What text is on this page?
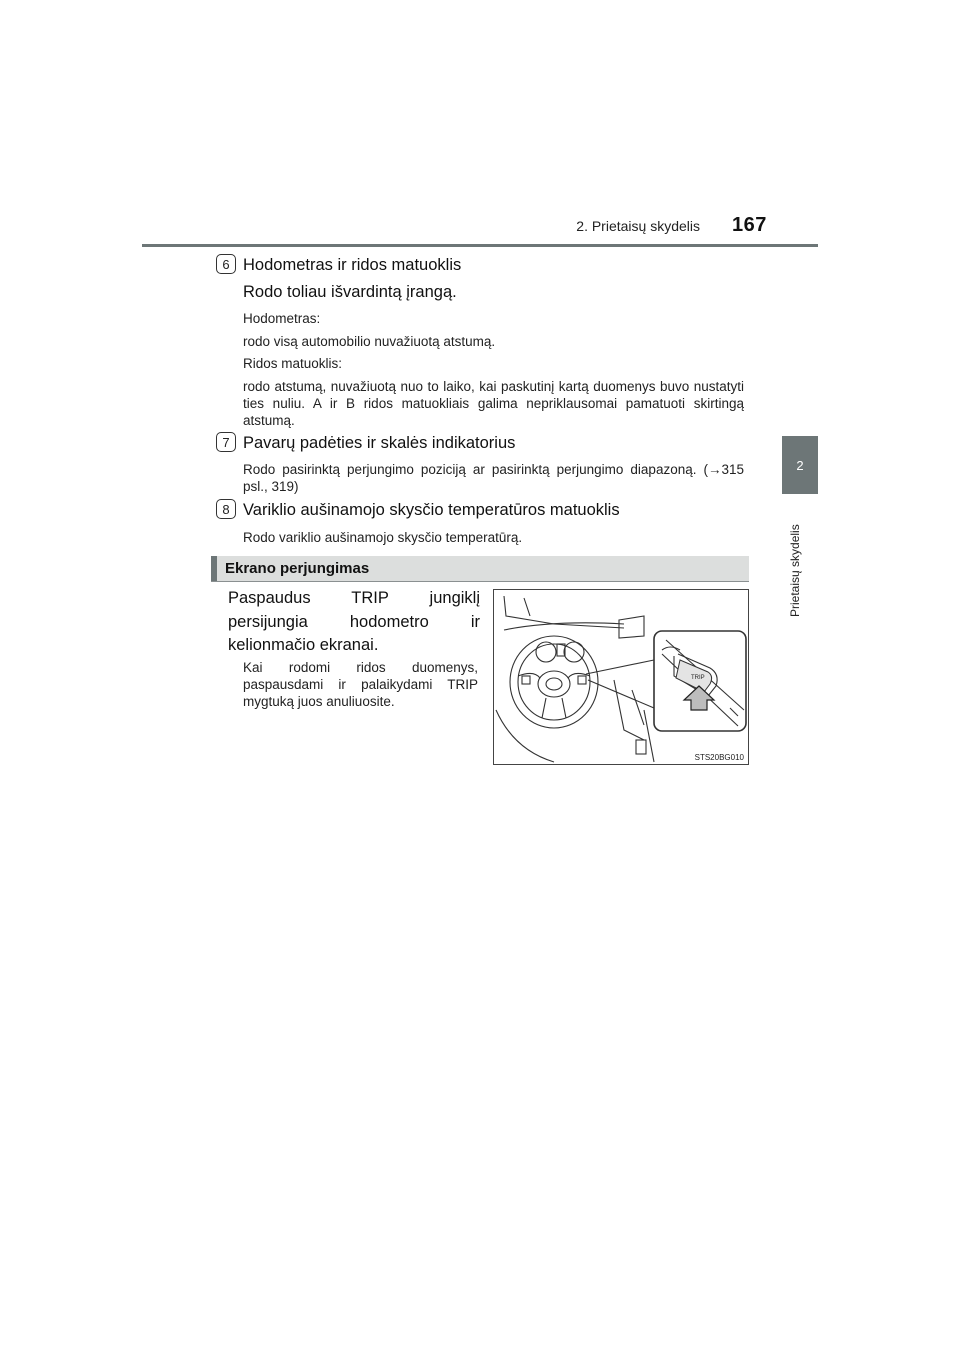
2. Prietaisų skydelis 167
2
Prietaisų skydelis
6 Hodometras ir ridos matuoklis
Rodo toliau išvardintą įrangą.
Hodometras:
rodo visą automobilio nuvažiuotą atstumą.
Ridos matuoklis:
rodo atstumą, nuvažiuotą nuo to laiko, kai paskutinį kartą duomenys buvo nustatyti ties nuliu. A ir B ridos matuokliais galima nepriklausomai pamatuoti skirtingą atstumą.
7 Pavarų padėties ir skalės indikatorius
Rodo pasirinktą perjungimo poziciją ar pasirinktą perjungimo diapazoną. (→315 psl., 319)
8 Variklio aušinamojo skysčio temperatūros matuoklis
Rodo variklio aušinamojo skysčio temperatūrą.
Ekrano perjungimas
Paspaudus TRIP jungiklį persijungia hodometro ir kelionmačio ekranai.
Kai rodomi ridos duomenys, paspausdami ir palaikydami TRIP mygtuką juos anuliuosite.
TRIP
STS20BG010
